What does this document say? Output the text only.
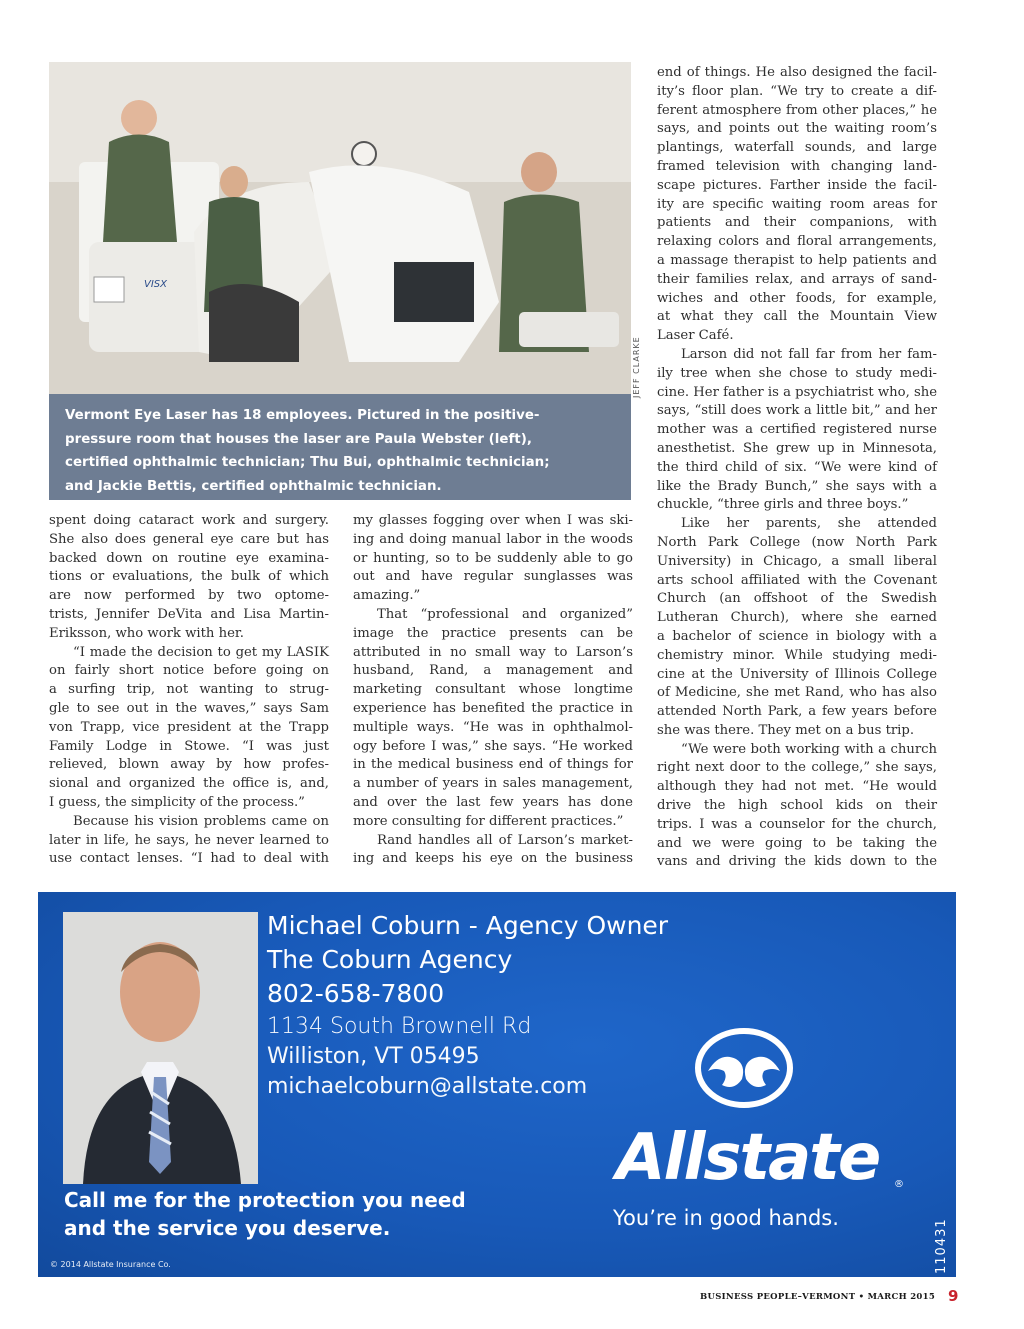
VISX
JEFF CLARKE
Vermont Eye Laser has 18 employees. Pictured in the positive-
pressure room that houses the laser are Paula Webster (left),
certified ophthalmic technician; Thu Bui, ophthalmic technician;
and Jackie Bettis, certified ophthalmic technician.
spent doing cataract work and surgery.
She also does general eye care but has
backed down on routine eye examina-
tions or evaluations, the bulk of which
are now performed by two optome-
trists, Jennifer DeVita and Lisa Martin-
Eriksson, who work with her.
“I made the decision to get my LASIK
on fairly short notice before going on
a surfing trip, not wanting to strug-
gle to see out in the waves,” says Sam
von Trapp, vice president at the Trapp
Family Lodge in Stowe. “I was just
relieved, blown away by how profes-
sional and organized the office is, and,
I guess, the simplicity of the process.”
Because his vision problems came on
later in life, he says, he never learned to
use contact lenses. “I had to deal with
my glasses fogging over when I was ski-
ing and doing manual labor in the woods
or hunting, so to be suddenly able to go
out and have regular sunglasses was
amazing.”
That “professional and organized”
image the practice presents can be
attributed in no small way to Larson’s
husband, Rand, a management and
marketing consultant whose longtime
experience has benefited the practice in
multiple ways. “He was in ophthalmol-
ogy before I was,” she says. “He worked
in the medical business end of things for
a number of years in sales management,
and over the last few years has done
more consulting for different practices.”
Rand handles all of Larson’s market-
ing and keeps his eye on the business
end of things. He also designed the facil-
ity’s floor plan. “We try to create a dif-
ferent atmosphere from other places,” he
says, and points out the waiting room’s
plantings, waterfall sounds, and large
framed television with changing land-
scape pictures. Farther inside the facil-
ity are specific waiting room areas for
patients and their companions, with
relaxing colors and floral arrangements,
a massage therapist to help patients and
their families relax, and arrays of sand-
wiches and other foods, for example,
at what they call the Mountain View
Laser Café.
Larson did not fall far from her fam-
ily tree when she chose to study medi-
cine. Her father is a psychiatrist who, she
says, “still does work a little bit,” and her
mother was a certified registered nurse
anesthetist. She grew up in Minnesota,
the third child of six. “We were kind of
like the Brady Bunch,” she says with a
chuckle, “three girls and three boys.”
Like her parents, she attended
North Park College (now North Park
University) in Chicago, a small liberal
arts school affiliated with the Covenant
Church (an offshoot of the Swedish
Lutheran Church), where she earned
a bachelor of science in biology with a
chemistry minor. While studying medi-
cine at the University of Illinois College
of Medicine, she met Rand, who has also
attended North Park, a few years before
she was there. They met on a bus trip.
“We were both working with a church
right next door to the college,” she says,
although they had not met. “He would
drive the high school kids on their
trips. I was a counselor for the church,
and we were going to be taking the
vans and driving the kids down to the
Michael Coburn - Agency Owner
The Coburn Agency
802-658-7800
1134 South Brownell Rd
Williston, VT 05495
michaelcoburn@allstate.com
Call me for the protection you need
and the service you deserve.
Allstate ®
You’re in good hands.
110431
© 2014 Allstate Insurance Co.
BUSINESS PEOPLE–VERMONT • MARCH 2015 9
